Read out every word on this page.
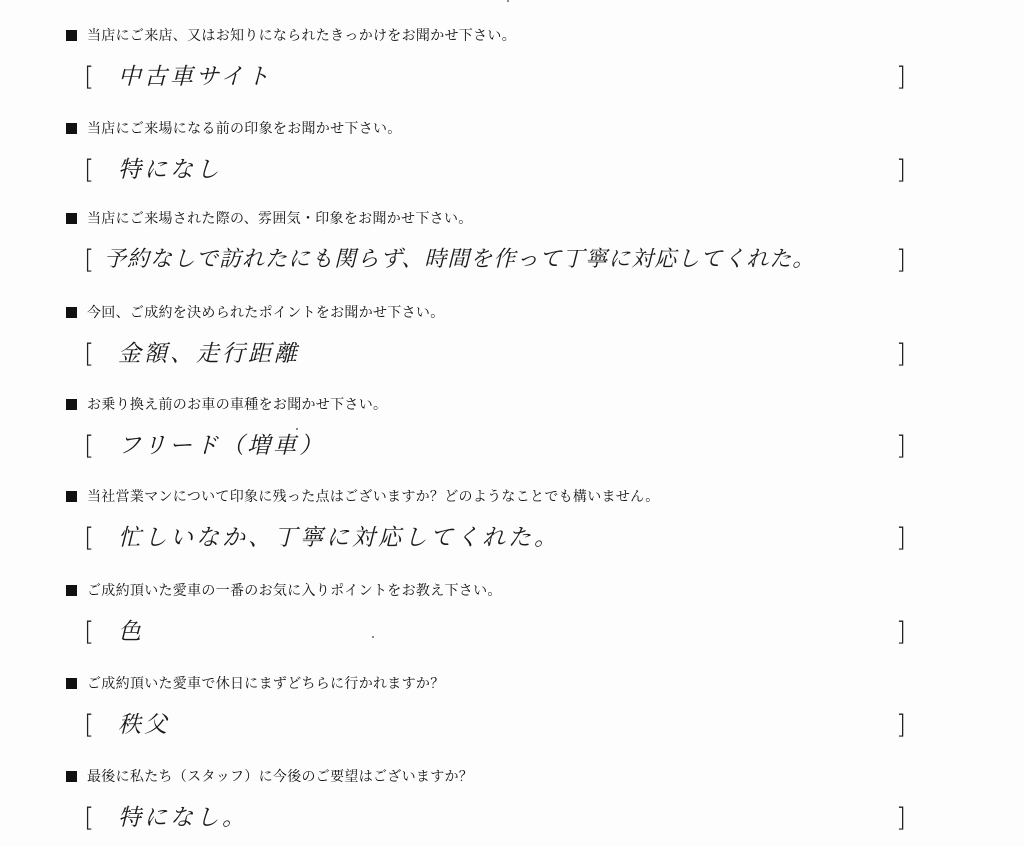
当店にご来店、又はお知りになられたきっかけをお聞かせ下さい。
[ 中古車サイト	]
当店にご来場になる前の印象をお聞かせ下さい。
[ 特になし	]
当店にご来場された際の、雰囲気・印象をお聞かせ下さい。
[ 予約なしで訪れたにも関らず、時間を作って丁寧に対応してくれた。	]
今回、ご成約を決められたポイントをお聞かせ下さい。
[ 金額、走行距離	]
お乗り換え前のお車の車種をお聞かせ下さい。
[ フリード（増車）	]
当社営業マンについて印象に残った点はございますか？どのようなことでも構いません。
[ 忙しいなか、丁寧に対応してくれた。	]
ご成約頂いた愛車の一番のお気に入りポイントをお教え下さい。
[ 色	]
ご成約頂いた愛車で休日にまずどちらに行かれますか？
[ 秩父	]
最後に私たち（スタッフ）に今後のご要望はございますか？
[ 特になし。	]
